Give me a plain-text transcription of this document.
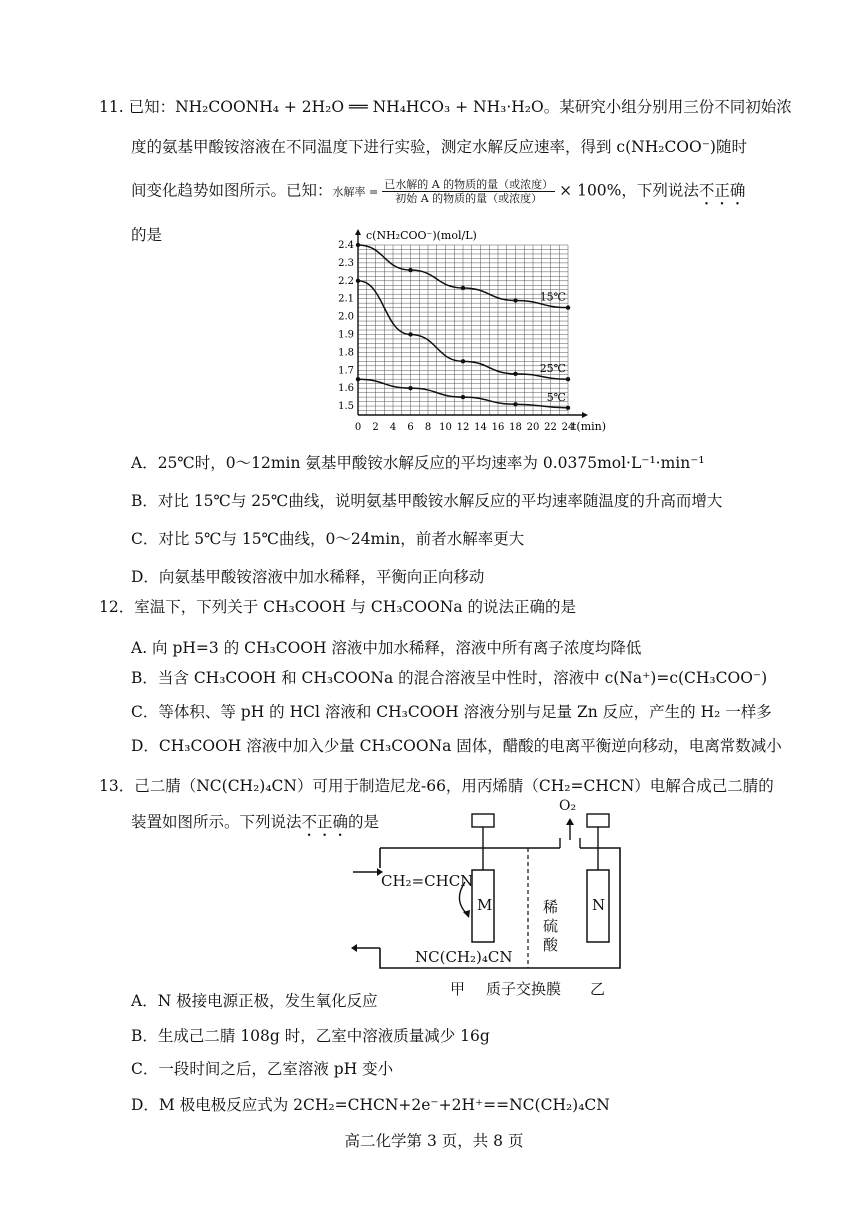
11. 已知：NH₂COONH₄ + 2H₂O ══ NH₄HCO₃ + NH₃·H₂O。某研究小组分别用三份不同初始浓
度的氨基甲酸铵溶液在不同温度下进行实验，测定水解反应速率，得到 c(NH₂COO⁻)随时
间变化趋势如图所示。已知：水解率 =
已水解的 A 的物质的量（或浓度）
初始 A 的物质的量（或浓度）	× 100%，下列说法不正确
的是
0 2 4 6 8 10 12 14 16 18 20 22 24
1.5
1.6
1.7
1.8
1.9
2.0
2.1
2.2
2.3
2.4
c(NH₂COO⁻)(mol/L)
t(min)
15℃
25℃
5℃
A．25℃时，0～12min 氨基甲酸铵水解反应的平均速率为 0.0375mol·L⁻¹·min⁻¹
B．对比 15℃与 25℃曲线，说明氨基甲酸铵水解反应的平均速率随温度的升高而增大
C．对比 5℃与 15℃曲线，0～24min，前者水解率更大
D．向氨基甲酸铵溶液中加水稀释，平衡向正向移动
12．室温下，下列关于 CH₃COOH 与 CH₃COONa 的说法正确的是
A. 向 pH=3 的 CH₃COOH 溶液中加水稀释，溶液中所有离子浓度均降低
B．当含 CH₃COOH 和 CH₃COONa 的混合溶液呈中性时，溶液中 c(Na⁺)=c(CH₃COO⁻)
C．等体积、等 pH 的 HCl 溶液和 CH₃COOH 溶液分别与足量 Zn 反应，产生的 H₂ 一样多
D．CH₃COOH 溶液中加入少量 CH₃COONa 固体，醋酸的电离平衡逆向移动，电离常数减小
13．己二腈（NC(CH₂)₄CN）可用于制造尼龙-66，用丙烯腈（CH₂=CHCN）电解合成己二腈的
装置如图所示。下列说法不正确的是
O₂
CH₂=CHCN
NC(CH₂)₄CN
M	N
稀
硫
酸
甲 质子交换膜 乙
A．N 极接电源正极，发生氧化反应
B．生成己二腈 108g 时，乙室中溶液质量减少 16g
C．一段时间之后，乙室溶液 pH 变小
D．M 极电极反应式为 2CH₂=CHCN+2e⁻+2H⁺==NC(CH₂)₄CN
高二化学第 3 页，共 8 页
